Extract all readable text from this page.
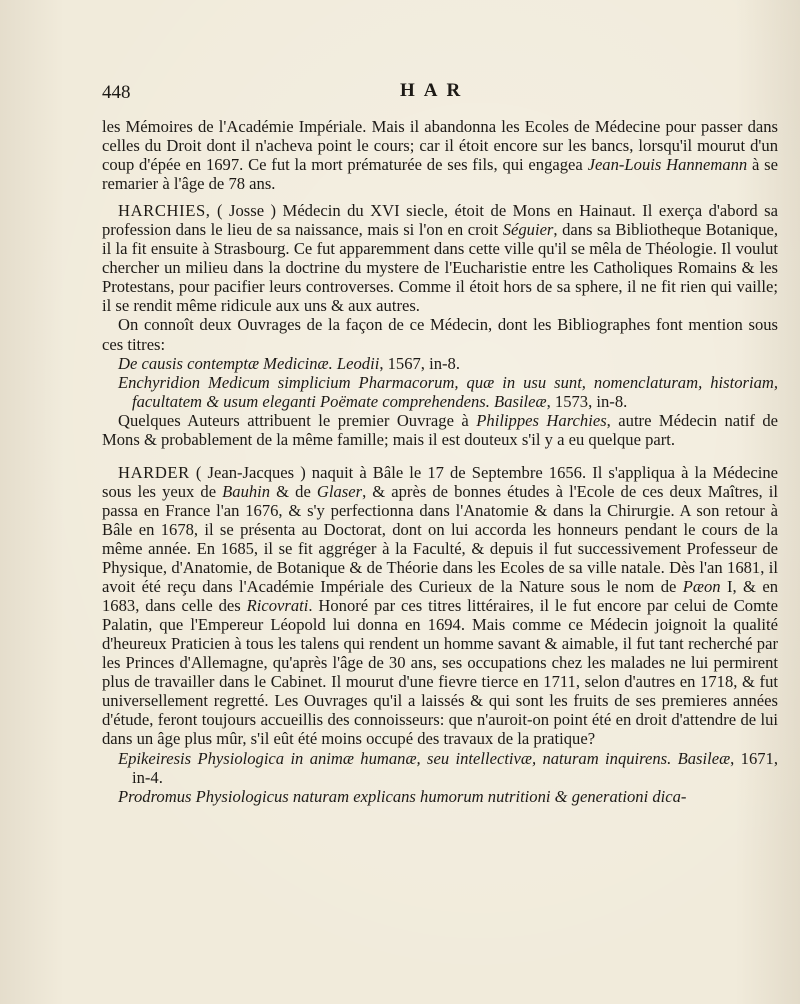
448	HAR

les Mémoires de l'Académie Impériale. Mais il abandonna les Ecoles de Médecine pour passer dans celles du Droit dont il n'acheva point le cours; car il étoit encore sur les bancs, lorsqu'il mourut d'un coup d'épée en 1697. Ce fut la mort prématurée de ses fils, qui engagea Jean-Louis Hannemann à se remarier à l'âge de 78 ans.

HARCHIES, ( Josse ) Médecin du XVI siecle, étoit de Mons en Hainaut. Il exerça d'abord sa profession dans le lieu de sa naissance, mais si l'on en croit Séguier, dans sa Bibliotheque Botanique, il la fit ensuite à Strasbourg. Ce fut apparemment dans cette ville qu'il se mêla de Théologie. Il voulut chercher un milieu dans la doctrine du mystere de l'Eucharistie entre les Catholiques Romains & les Protestans, pour pacifier leurs controverses. Comme il étoit hors de sa sphere, il ne fit rien qui vaille; il se rendit même ridicule aux uns & aux autres.

On connoît deux Ouvrages de la façon de ce Médecin, dont les Bibliographes font mention sous ces titres:

De causis contemptæ Medicinæ. Leodii, 1567, in-8.

Enchyridion Medicum simplicium Pharmacorum, quæ in usu sunt, nomenclaturam, historiam, facultatem & usum eleganti Poëmate comprehendens. Basileæ, 1573, in-8.

Quelques Auteurs attribuent le premier Ouvrage à Philippes Harchies, autre Médecin natif de Mons & probablement de la même famille; mais il est douteux s'il y a eu quelque part.

HARDER ( Jean-Jacques ) naquit à Bâle le 17 de Septembre 1656. Il s'appliqua à la Médecine sous les yeux de Bauhin & de Glaser, & après de bonnes études à l'Ecole de ces deux Maîtres, il passa en France l'an 1676, & s'y perfectionna dans l'Anatomie & dans la Chirurgie. A son retour à Bâle en 1678, il se présenta au Doctorat, dont on lui accorda les honneurs pendant le cours de la même année. En 1685, il se fit aggréger à la Faculté, & depuis il fut successivement Professeur de Physique, d'Anatomie, de Botanique & de Théorie dans les Ecoles de sa ville natale. Dès l'an 1681, il avoit été reçu dans l'Académie Impériale des Curieux de la Nature sous le nom de Pæon I, & en 1683, dans celle des Ricovrati. Honoré par ces titres littéraires, il le fut encore par celui de Comte Palatin, que l'Empereur Léopold lui donna en 1694. Mais comme ce Médecin joignoit la qualité d'heureux Praticien à tous les talens qui rendent un homme savant & aimable, il fut tant recherché par les Princes d'Allemagne, qu'après l'âge de 30 ans, ses occupations chez les malades ne lui permirent plus de travailler dans le Cabinet. Il mourut d'une fievre tierce en 1711, selon d'autres en 1718, & fut universellement regretté. Les Ouvrages qu'il a laissés & qui sont les fruits de ses premieres années d'étude, feront toujours accueillis des connoisseurs: que n'auroit-on point été en droit d'attendre de lui dans un âge plus mûr, s'il eût été moins occupé des travaux de la pratique?

Epikeiresis Physiologica in animæ humanæ, seu intellectivæ, naturam inquirens. Basileæ, 1671, in-4.

Prodromus Physiologicus naturam explicans humorum nutritioni & generationi dica-
